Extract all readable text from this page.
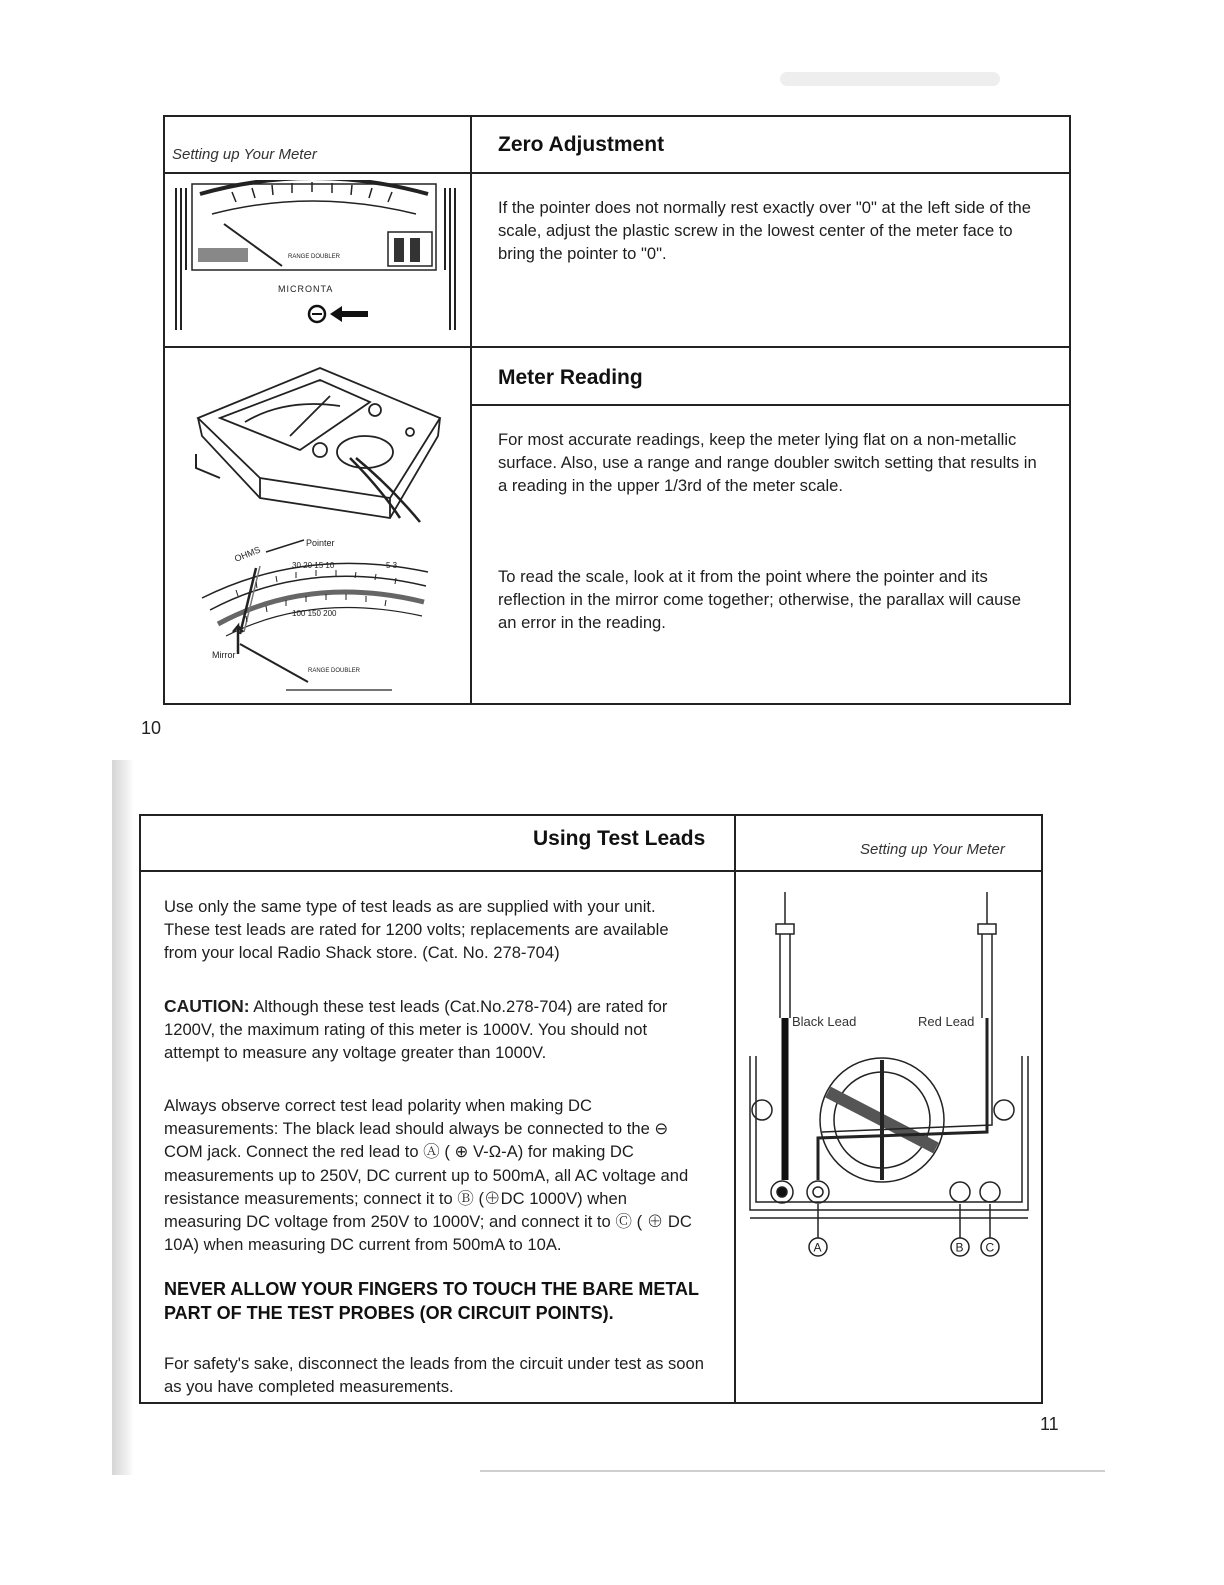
Setting up Your Meter	Zero Adjustment
If the pointer does not normally rest exactly over "0" at the left side of the scale, adjust the plastic screw in the lowest center of the meter face to bring the pointer to "0".
RANGE DOUBLER
MICRONTA
Meter Reading
For most accurate readings, keep the meter lying flat on a non-metallic surface. Also, use a range and range doubler switch setting that results in a reading in the upper 1/3rd of the meter scale.
To read the scale, look at it from the point where the pointer and its reflection in the mirror come together; otherwise, the parallax will cause an error in the reading.
Pointer
OHMS
Mirror
RANGE DOUBLER
30 20 15 10	5 3
100 150 200
10
Using Test Leads	Setting up Your Meter

Use only the same type of test leads as are supplied with your unit. These test leads are rated for 1200 volts; replacements are available from your local Radio Shack store. (Cat. No. 278-704)

CAUTION: Although these test leads (Cat.No.278-704) are rated for 1200V, the maximum rating of this meter is 1000V. You should not attempt to measure any voltage greater than 1000V.

Always observe correct test lead polarity when making DC measurements: The black lead should always be connected to the ⊖ COM jack. Connect the red lead to Ⓐ ( ⊕ V-Ω-A) for making DC measurements up to 250V, DC current up to 500mA, all AC voltage and resistance measurements; connect it to Ⓑ (⊕DC 1000V) when measuring DC voltage from 250V to 1000V; and connect it to Ⓒ ( ⊕ DC 10A) when measuring DC current from 500mA to 10A.

NEVER ALLOW YOUR FINGERS TO TOUCH THE BARE METAL PART OF THE TEST PROBES (OR CIRCUIT POINTS).

For safety's sake, disconnect the leads from the circuit under test as soon as you have completed measurements.

Black Lead	Red Lead
A	B C
11
